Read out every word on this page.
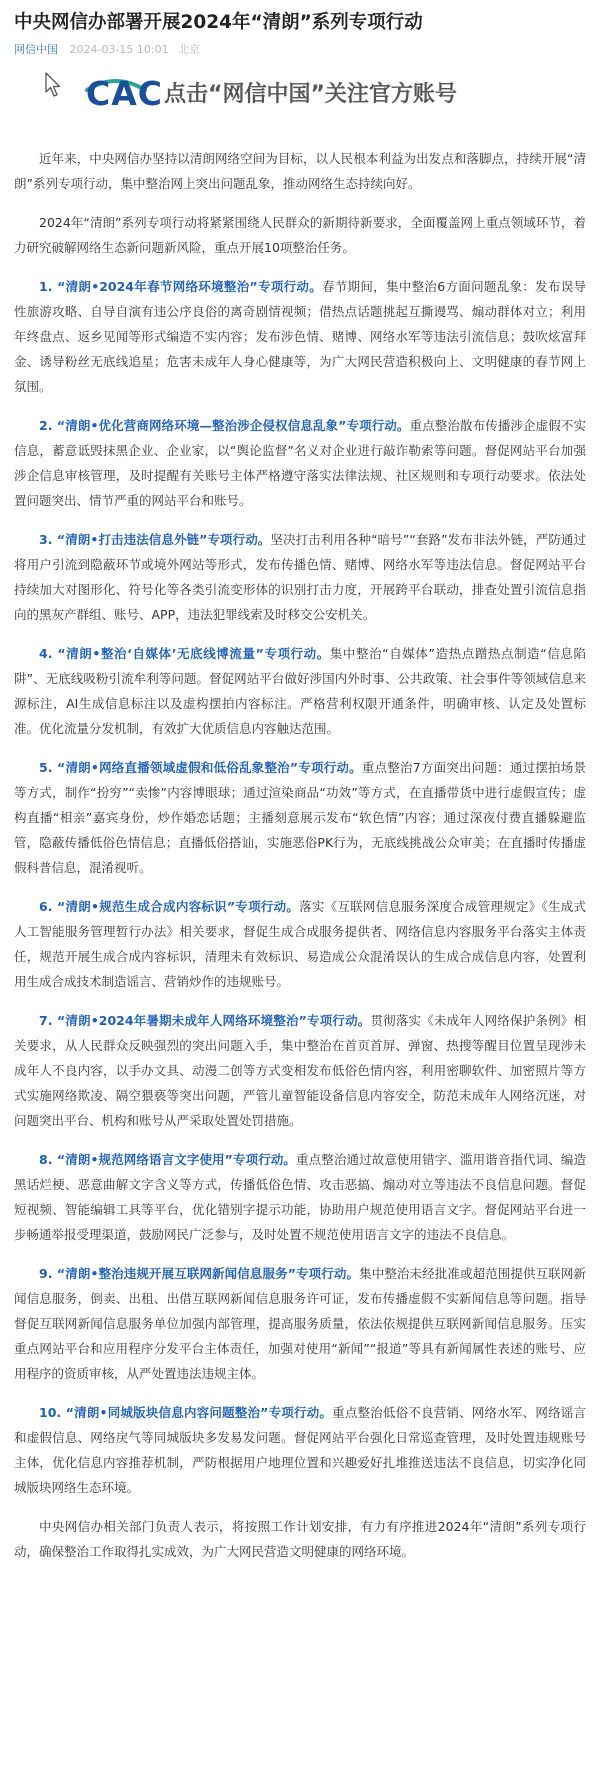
中央网信办部署开展2024年“清朗”系列专项行动
网信中国 2024-03-15 10:01 北京
CAC 点击“网信中国”关注官方账号

近年来，中央网信办坚持以清朗网络空间为目标，以人民根本利益为出发点和落脚点，持续开展“清朗”系列专项行动，集中整治网上突出问题乱象，推动网络生态持续向好。

2024年“清朗”系列专项行动将紧紧围绕人民群众的新期待新要求，全面覆盖网上重点领域环节，着力研究破解网络生态新问题新风险，重点开展10项整治任务。

1. “清朗•2024年春节网络环境整治”专项行动。春节期间，集中整治6方面问题乱象：发布误导性旅游攻略、自导自演有违公序良俗的离奇剧情视频；借热点话题挑起互撕谩骂、煽动群体对立；利用年终盘点、返乡见闻等形式编造不实内容；发布涉色情、赌博、网络水军等违法引流信息；鼓吹炫富拜金、诱导粉丝无底线追星；危害未成年人身心健康等，为广大网民营造积极向上、文明健康的春节网上氛围。

2. “清朗•优化营商网络环境—整治涉企侵权信息乱象”专项行动。重点整治散布传播涉企虚假不实信息，蓄意诋毁抹黑企业、企业家，以“舆论监督”名义对企业进行敲诈勒索等问题。督促网站平台加强涉企信息审核管理，及时提醒有关账号主体严格遵守落实法律法规、社区规则和专项行动要求。依法处置问题突出、情节严重的网站平台和账号。

3. “清朗•打击违法信息外链”专项行动。坚决打击利用各种“暗号”“套路”发布非法外链，严防通过将用户引流到隐蔽环节或境外网站等形式，发布传播色情、赌博、网络水军等违法信息。督促网站平台持续加大对图形化、符号化等各类引流变形体的识别打击力度，开展跨平台联动，排查处置引流信息指向的黑灰产群组、账号、APP，违法犯罪线索及时移交公安机关。

4. “清朗•整治‘自媒体’无底线博流量”专项行动。集中整治“自媒体”造热点蹭热点制造“信息陷阱”、无底线吸粉引流牟利等问题。督促网站平台做好涉国内外时事、公共政策、社会事件等领域信息来源标注，AI生成信息标注以及虚构摆拍内容标注。严格营利权限开通条件，明确审核、认定及处置标准。优化流量分发机制，有效扩大优质信息内容触达范围。

5. “清朗•网络直播领域虚假和低俗乱象整治”专项行动。重点整治7方面突出问题：通过摆拍场景等方式，制作“扮穷”“卖惨”内容博眼球；通过渲染商品“功效”等方式，在直播带货中进行虚假宣传；虚构直播“相亲”嘉宾身份，炒作婚恋话题；主播刻意展示发布“软色情”内容；通过深夜付费直播躲避监管，隐蔽传播低俗色情信息；直播低俗搭讪，实施恶俗PK行为，无底线挑战公众审美；在直播时传播虚假科普信息，混淆视听。

6. “清朗•规范生成合成内容标识”专项行动。落实《互联网信息服务深度合成管理规定》《生成式人工智能服务管理暂行办法》相关要求，督促生成合成服务提供者、网络信息内容服务平台落实主体责任，规范开展生成合成内容标识，清理未有效标识、易造成公众混淆误认的生成合成信息内容，处置利用生成合成技术制造谣言、营销炒作的违规账号。

7. “清朗•2024年暑期未成年人网络环境整治”专项行动。贯彻落实《未成年人网络保护条例》相关要求，从人民群众反映强烈的突出问题入手，集中整治在首页首屏、弹窗、热搜等醒目位置呈现涉未成年人不良内容，以手办文具、动漫二创等方式变相发布低俗色情内容，利用密聊软件、加密照片等方式实施网络欺凌、隔空猥亵等突出问题，严管儿童智能设备信息内容安全，防范未成年人网络沉迷，对问题突出平台、机构和账号从严采取处置处罚措施。

8. “清朗•规范网络语言文字使用”专项行动。重点整治通过故意使用错字、滥用谐音指代词、编造黑话烂梗、恶意曲解文字含义等方式，传播低俗色情、攻击恶搞、煽动对立等违法不良信息问题。督促短视频、智能编辑工具等平台，优化错别字提示功能，协助用户规范使用语言文字。督促网站平台进一步畅通举报受理渠道，鼓励网民广泛参与，及时处置不规范使用语言文字的违法不良信息。

9. “清朗•整治违规开展互联网新闻信息服务”专项行动。集中整治未经批准或超范围提供互联网新闻信息服务，倒卖、出租、出借互联网新闻信息服务许可证，发布传播虚假不实新闻信息等问题。指导督促互联网新闻信息服务单位加强内部管理，提高服务质量，依法依规提供互联网新闻信息服务。压实重点网站平台和应用程序分发平台主体责任，加强对使用“新闻”“报道”等具有新闻属性表述的账号、应用程序的资质审核，从严处置违法违规主体。

10. “清朗•同城版块信息内容问题整治”专项行动。重点整治低俗不良营销、网络水军、网络谣言和虚假信息、网络戾气等同城版块多发易发问题。督促网站平台强化日常巡查管理，及时处置违规账号主体，优化信息内容推荐机制，严防根据用户地理位置和兴趣爱好扎堆推送违法不良信息，切实净化同城版块网络生态环境。

中央网信办相关部门负责人表示，将按照工作计划安排，有力有序推进2024年“清朗”系列专项行动，确保整治工作取得扎实成效，为广大网民营造文明健康的网络环境。
